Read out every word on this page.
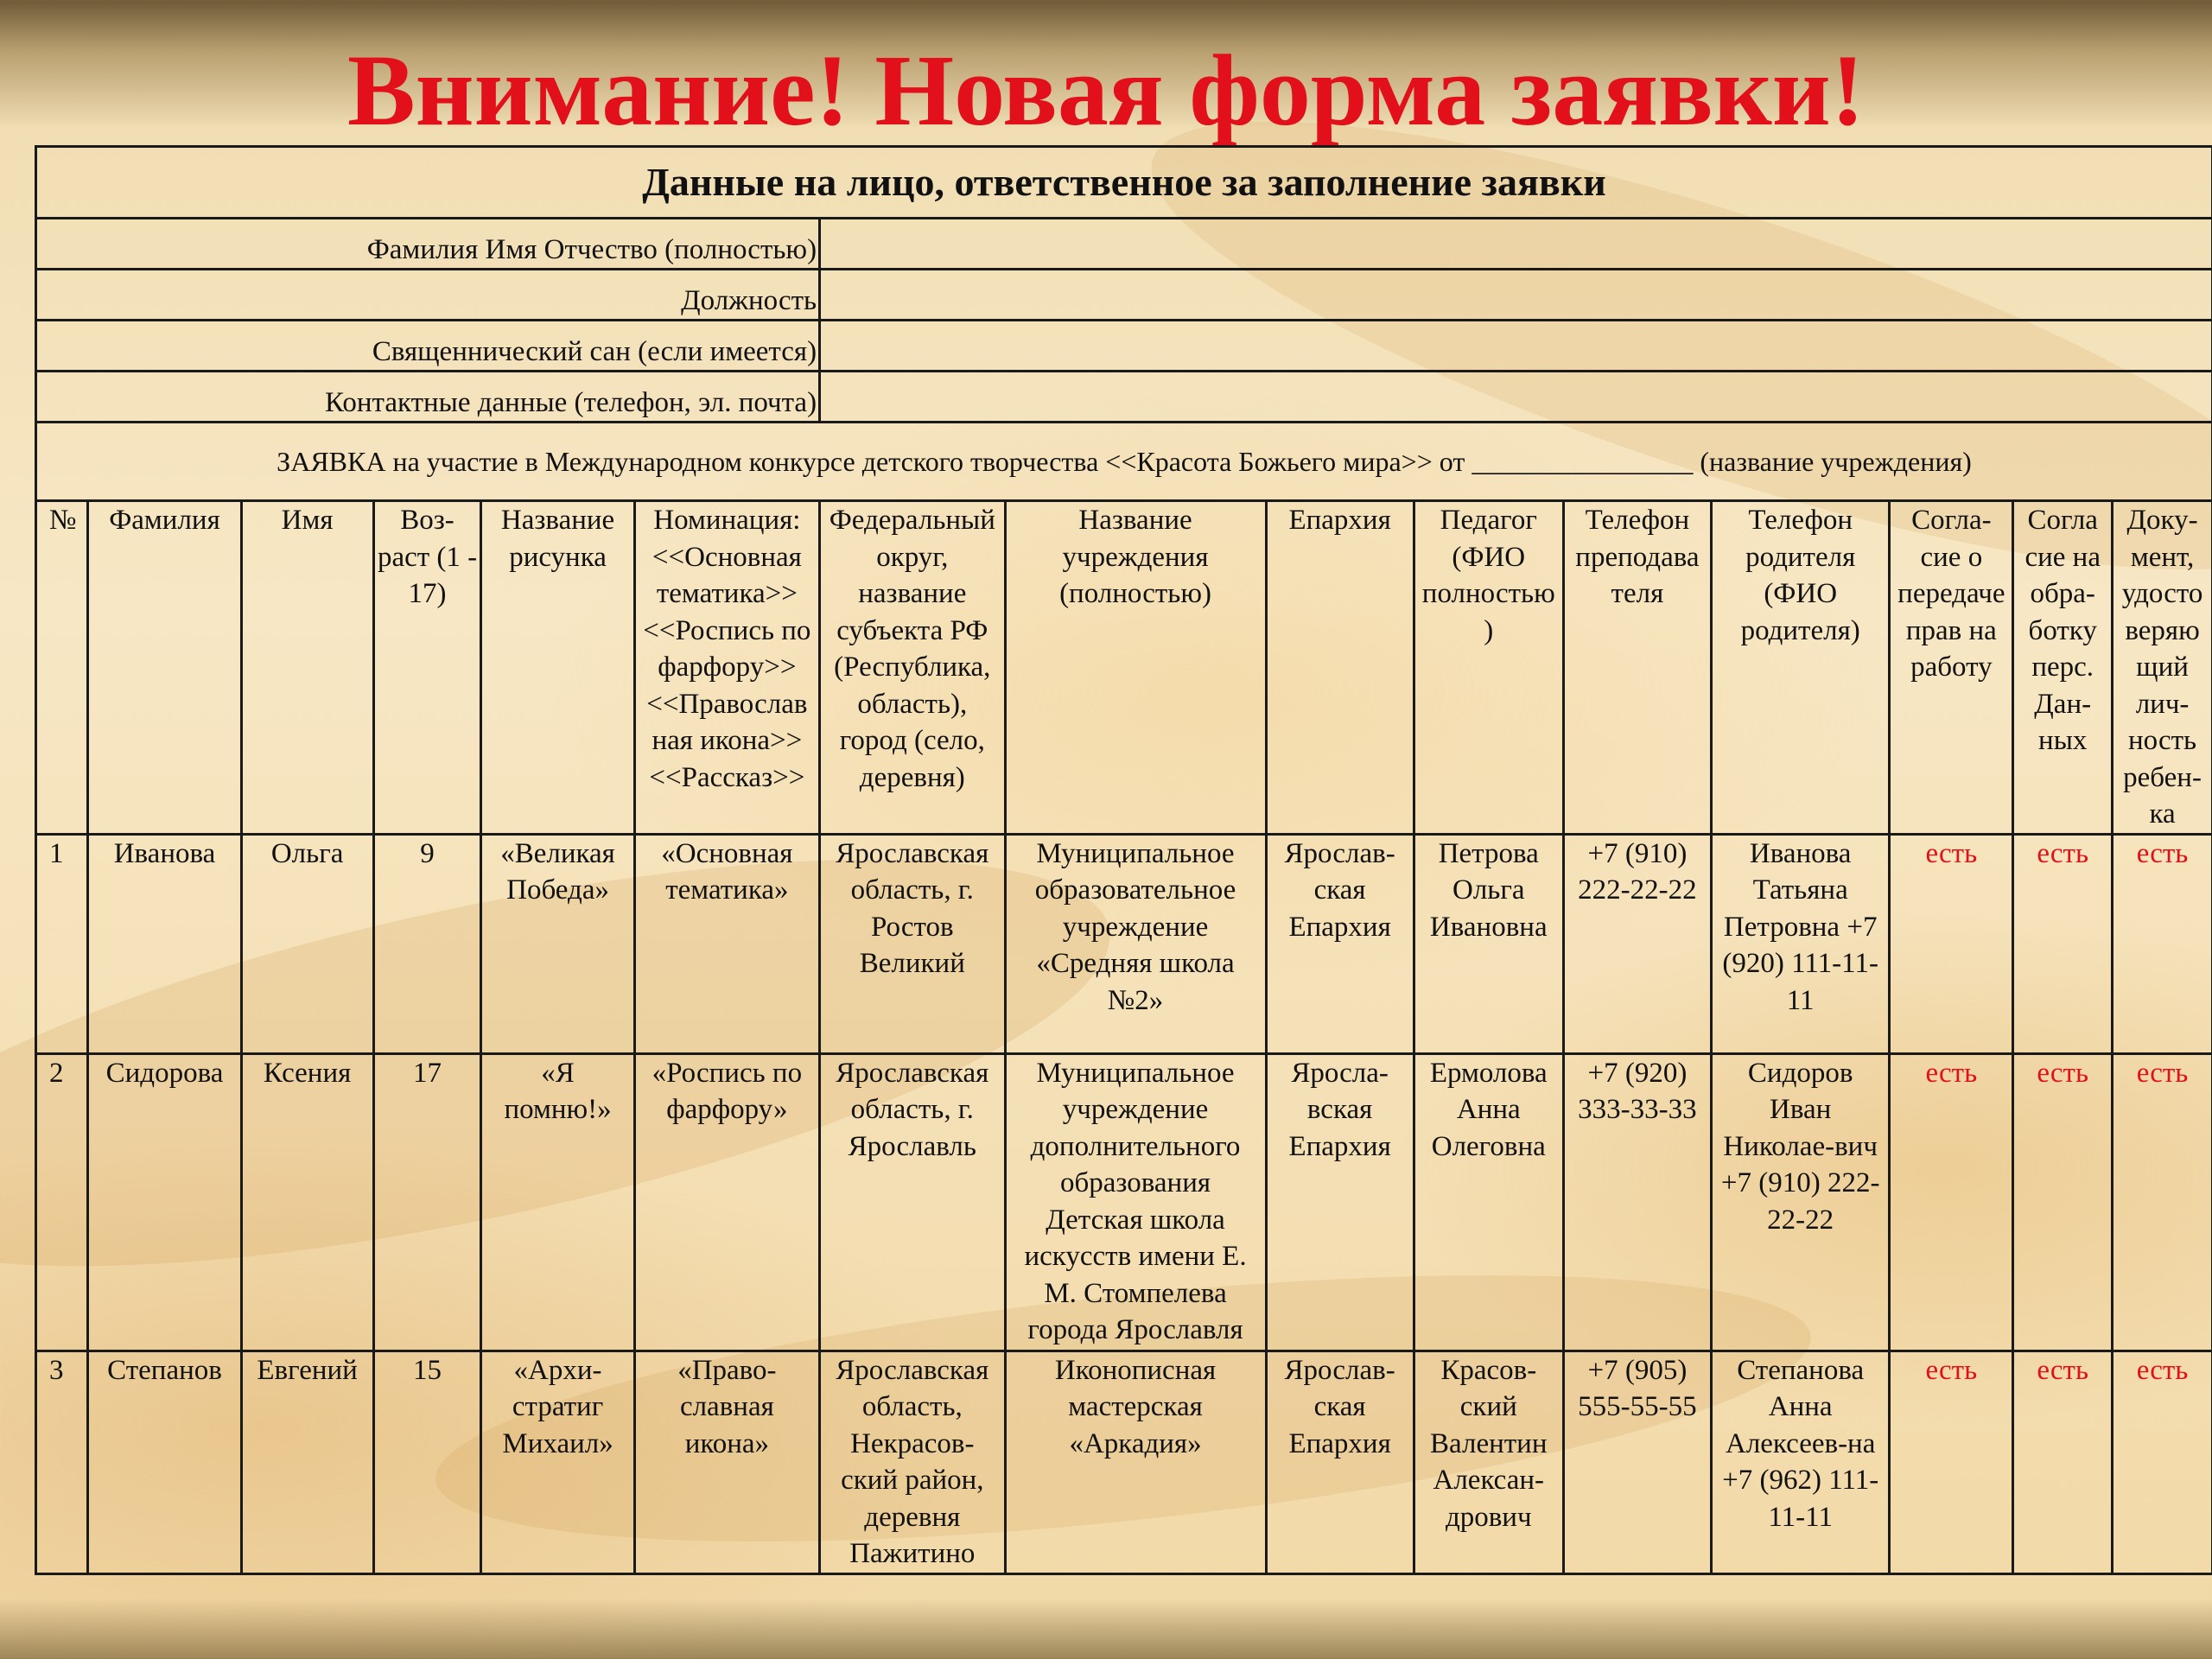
Внимание! Новая форма заявки!
Данные на лицо, ответственное за заполнение заявки														
Фамилия Имя Отчество (полностью)														
Должность														
Священнический сан (если имеется)														
Контактные данные (телефон, эл. почта)														
ЗАЯВКА на участие в Международном конкурсе детского творчества <<Красота Божьего мира>> от ________________ (название учреждения)														
№	Фамилия	Имя	Воз-раст (1 - 17)	Название рисунка	Номинация: <<Основная тематика>> <<Роспись по фарфору>> <<Православ ная икона>> <<Рассказ>>	Федеральный округ, название субъекта РФ (Республика, область), город (село, деревня)	Название учреждения (полностью)	Епархия	Педагог (ФИО полностью )	Телефон преподава теля	Телефон родителя (ФИО родителя)	Согла-сие о передаче прав на работу	Согла сие на обра-ботку перс. Дан-ных	Доку-мент, удосто веряю щий лич-ность ребен-ка
1	Иванова	Ольга	9	«Великая Победа»	«Основная тематика»	Ярославская область, г. Ростов Великий	Муниципальное образовательное учреждение «Средняя школа №2»	Ярослав-ская Епархия	Петрова Ольга Ивановна	+7 (910) 222-22-22	Иванова Татьяна Петровна +7 (920) 111-11-11	есть	есть	есть
2	Сидорова	Ксения	17	«Я помню!»	«Роспись по фарфору»	Ярославская область, г. Ярославль	Муниципальное учреждение дополнительного образования Детская школа искусств имени Е. М. Стомпелева города Ярославля	Яросла-вская Епархия	Ермолова Анна Олеговна	+7 (920) 333-33-33	Сидоров Иван Николае-вич +7 (910) 222-22-22	есть	есть	есть
3	Степанов	Евгений	15	«Архи-стратиг Михаил»	«Право-славная икона»	Ярославская область, Некрасов-ский район, деревня Пажитино	Иконописная мастерская «Аркадия»	Ярослав-ская Епархия	Красов-ский Валентин Алексан-дрович	+7 (905) 555-55-55	Степанова Анна Алексеев-на +7 (962) 111-11-11	есть	есть	есть
